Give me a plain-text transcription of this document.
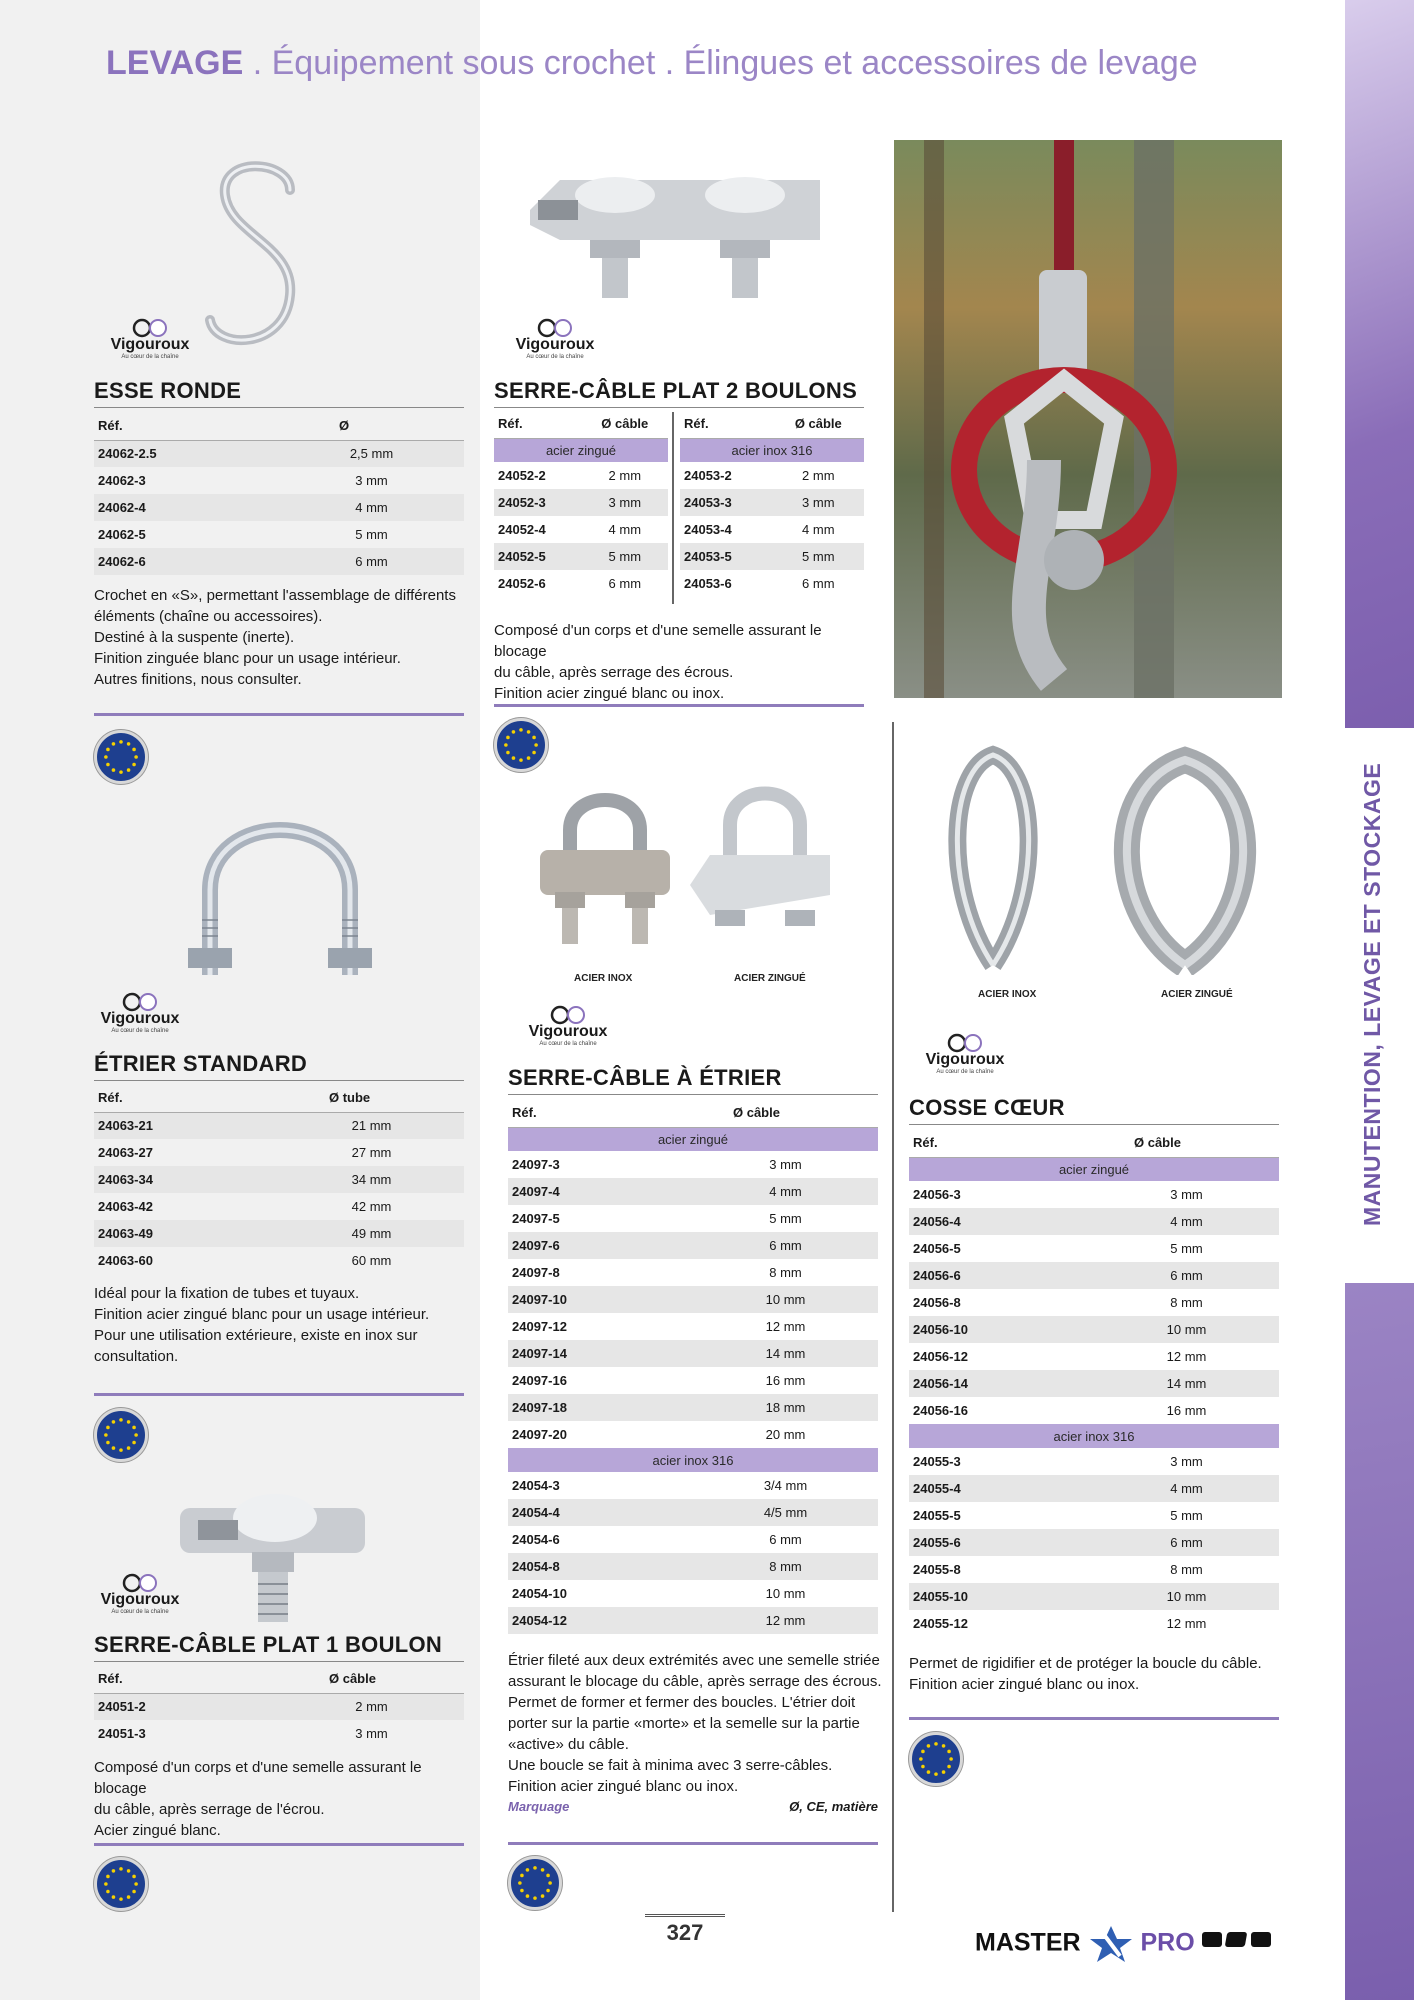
LEVAGE . Équipement sous crochet . Élingues et accessoires de levage
MANUTENTION, LEVAGE ET STOCKAGE
Vigouroux
Au cœur de la chaîne
ESSE RONDE
Réf.	Ø
24062-2.5	2,5 mm
24062-3	3 mm
24062-4	4 mm
24062-5	5 mm
24062-6	6 mm
Crochet en «S», permettant l'assemblage de différents
éléments (chaîne ou accessoires).
Destiné à la suspente (inerte).
Finition zinguée blanc pour un usage intérieur.
Autres finitions, nous consulter.
Vigouroux
Au cœur de la chaîne
ÉTRIER STANDARD
Réf.	Ø tube
24063-21	21 mm
24063-27	27 mm
24063-34	34 mm
24063-42	42 mm
24063-49	49 mm
24063-60	60 mm
Idéal pour la fixation de tubes et tuyaux.
Finition acier zingué blanc pour un usage intérieur.
Pour une utilisation extérieure, existe en inox sur
consultation.
Vigouroux
Au cœur de la chaîne
SERRE-CÂBLE PLAT 1 BOULON
Réf.	Ø câble
24051-2	2 mm
24051-3	3 mm
Composé d'un corps et d'une semelle assurant le blocage
du câble, après serrage de l'écrou.
Acier zingué blanc.
Vigouroux
Au cœur de la chaîne
SERRE-CÂBLE PLAT 2 BOULONS
Réf.	Ø câble
acier zingué	
24052-2	2 mm
24052-3	3 mm
24052-4	4 mm
24052-5	5 mm
24052-6	6 mm
Réf.	Ø câble
acier inox 316	
24053-2	2 mm
24053-3	3 mm
24053-4	4 mm
24053-5	5 mm
24053-6	6 mm
Composé d'un corps et d'une semelle assurant le blocage
du câble, après serrage des écrous.
Finition acier zingué blanc ou inox.
ACIER INOX	ACIER ZINGUÉ
Vigouroux
Au cœur de la chaîne
SERRE-CÂBLE À ÉTRIER
Réf.	Ø câble
acier zingué	
24097-3	3 mm
24097-4	4 mm
24097-5	5 mm
24097-6	6 mm
24097-8	8 mm
24097-10	10 mm
24097-12	12 mm
24097-14	14 mm
24097-16	16 mm
24097-18	18 mm
24097-20	20 mm
acier inox 316	
24054-3	3/4 mm
24054-4	4/5 mm
24054-6	6 mm
24054-8	8 mm
24054-10	10 mm
24054-12	12 mm
Étrier fileté aux deux extrémités avec une semelle striée
assurant le blocage du câble, après serrage des écrous.
Permet de former et fermer des boucles. L'étrier doit
porter sur la partie «morte» et la semelle sur la partie
«active» du câble.
Une boucle se fait à minima avec 3 serre-câbles.
Finition acier zingué blanc ou inox.
Marquage	Ø, CE, matière
ACIER INOX	ACIER ZINGUÉ
Vigouroux
Au cœur de la chaîne
COSSE CŒUR
Réf.	Ø câble
acier zingué	
24056-3	3 mm
24056-4	4 mm
24056-5	5 mm
24056-6	6 mm
24056-8	8 mm
24056-10	10 mm
24056-12	12 mm
24056-14	14 mm
24056-16	16 mm
acier inox 316	
24055-3	3 mm
24055-4	4 mm
24055-5	5 mm
24055-6	6 mm
24055-8	8 mm
24055-10	10 mm
24055-12	12 mm
Permet de rigidifier et de protéger la boucle du câble.
Finition acier zingué blanc ou inox.
327	MASTER PRO
